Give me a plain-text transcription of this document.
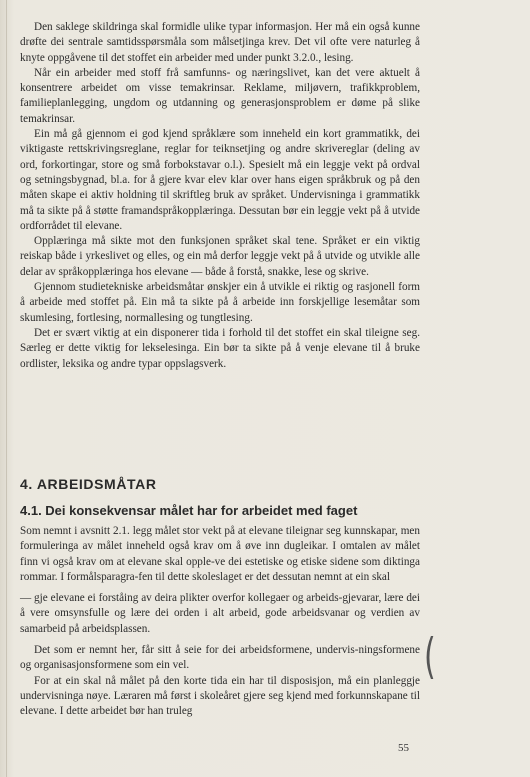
Den saklege skildringa skal formidle ulike typar informasjon. Her må ein også kunne drøfte dei sentrale samtidsspørsmåla som målsetjinga krev. Det vil ofte vere naturleg å knyte oppgåvene til det stoffet ein arbeider med under punkt 3.2.0., lesing.

Når ein arbeider med stoff frå samfunns- og næringslivet, kan det vere aktuelt å konsentrere arbeidet om visse temakrinsar. Reklame, miljøvern, trafikkproblem, familieplanlegging, ungdom og utdanning og generasjonsproblem er døme på slike temakrinsar.

Ein må gå gjennom ei god kjend språklære som inneheld ein kort grammatikk, dei viktigaste rettskrivingsreglane, reglar for teiknsetjing og andre skrivereglar (deling av ord, forkortingar, store og små forbokstavar o.l.). Spesielt må ein leggje vekt på ordval og setningsbygnad, bl.a. for å gjere kvar elev klar over hans eigen språkbruk og på den måten skape ei aktiv holdning til skriftleg bruk av språket. Undervisninga i grammatikk må ta sikte på å støtte framandspråkopplæringa. Dessutan bør ein leggje vekt på å utvide ordforrådet til elevane.

Opplæringa må sikte mot den funksjonen språket skal tene. Språket er ein viktig reiskap både i yrkeslivet og elles, og ein må derfor leggje vekt på å utvide og utvikle alle delar av språkopplæringa hos elevane — både å forstå, snakke, lese og skrive.

Gjennom studietekniske arbeidsmåtar ønskjer ein å utvikle ei riktig og rasjonell form å arbeide med stoffet på. Ein må ta sikte på å arbeide inn forskjellige lesemåtar som skumlesing, fortlesing, normallesing og tungtlesing.

Det er svært viktig at ein disponerer tida i forhold til det stoffet ein skal tileigne seg. Særleg er dette viktig for lekselesinga. Ein bør ta sikte på å venje elevane til å bruke ordlister, leksika og andre typar oppslagsverk.

4. ARBEIDSMÅTAR
4.1. Dei konsekvensar målet har for arbeidet med faget

Som nemnt i avsnitt 2.1. legg målet stor vekt på at elevane tileignar seg kunnskapar, men formuleringa av målet inneheld også krav om å øve inn dugleikar. I omtalen av målet finn vi også krav om at elevane skal opple-ve dei estetiske og etiske sidene som diktinga rommar. I formålsparagra-fen til dette skoleslaget er det dessutan nemnt at ein skal

— gje elevane ei forståing av deira plikter overfor kollegaer og arbeids-gjevarar, lære dei å vere omsynsfulle og lære dei orden i alt arbeid, gode arbeidsvanar og verdien av samarbeid på arbeidsplassen.

Det som er nemnt her, får sitt å seie for dei arbeidsformene, undervis-ningsformene og organisasjonsformene som ein vel.

For at ein skal nå målet på den korte tida ein har til disposisjon, må ein planleggje undervisninga nøye. Læraren må først i skoleåret gjere seg kjend med forkunnskapane til elevane. I dette arbeidet bør han truleg

(
55
